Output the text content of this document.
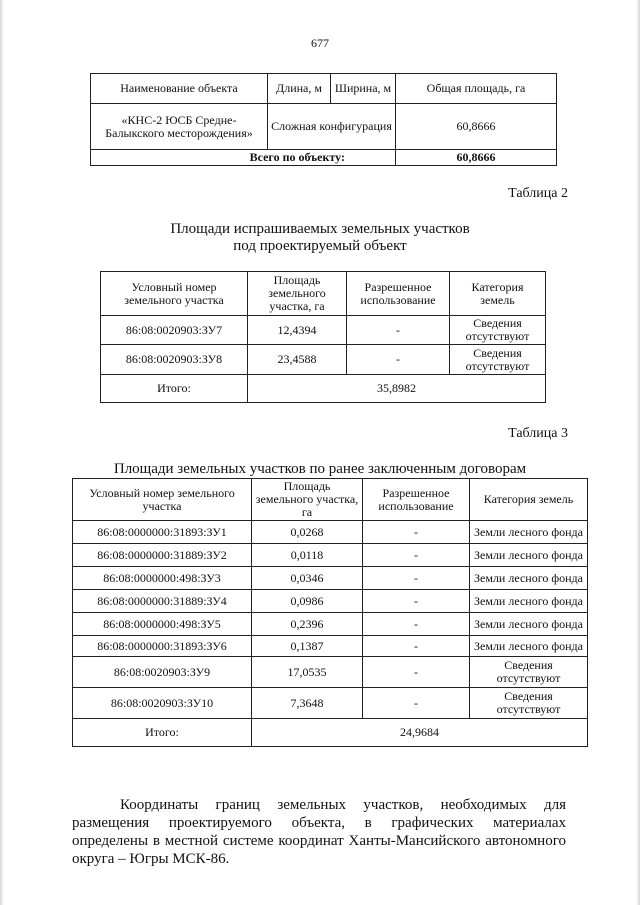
677
Наименование объекта	Длина, м	Ширина, м	Общая площадь, га
«КНС-2 ЮСБ Средне-Балыкского месторождения»	Сложная конфигурация		60,8666
Всего по объекту:			60,8666
Таблица 2
Площади испрашиваемых земельных участков
под проектируемый объект
Условный номер земельного участка	Площадь земельного участка, га	Разрешенное использование	Категория земель
86:08:0020903:ЗУ7	12,4394	-	Сведения отсутствуют
86:08:0020903:ЗУ8	23,4588	-	Сведения отсутствуют
Итого:	35,8982		
Таблица 3
Площади земельных участков по ранее заключенным договорам
Условный номер земельного участка	Площадь земельного участка, га	Разрешенное использование	Категория земель
86:08:0000000:31893:ЗУ1	0,0268	-	Земли лесного фонда
86:08:0000000:31889:ЗУ2	0,0118	-	Земли лесного фонда
86:08:0000000:498:ЗУ3	0,0346	-	Земли лесного фонда
86:08:0000000:31889:ЗУ4	0,0986	-	Земли лесного фонда
86:08:0000000:498:ЗУ5	0,2396	-	Земли лесного фонда
86:08:0000000:31893:ЗУ6	0,1387	-	Земли лесного фонда
86:08:0020903:ЗУ9	17,0535	-	Сведения отсутствуют
86:08:0020903:ЗУ10	7,3648	-	Сведения отсутствуют
Итого:	24,9684		
Координаты границ земельных участков, необходимых для размещения проектируемого объекта, в графических материалах определены в местной системе координат Ханты-Мансийского автономного округа – Югры МСК-86.
